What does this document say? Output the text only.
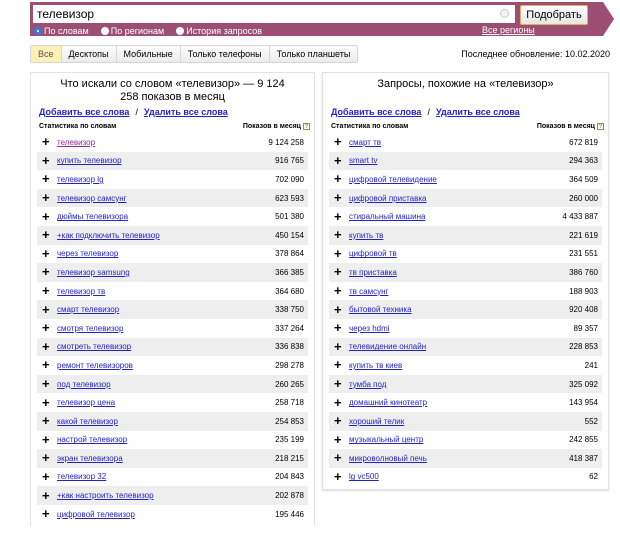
телевизор
Подобрать
По словам По регионам История запросов	Все регионы
Все	Десктопы	Мобильные	Только телефоны	Только планшеты	Последнее обновление: 10.02.2020
Что искали со словом «телевизор» — 9 124 258 показов в месяц
Добавить все слова / Удалить все слова
Статистика по словам	Показов в месяц ?
+ телевизор	9 124 258
+ купить телевизор	916 765
+ телевизор lg	702 090
+ телевизор самсунг	623 593
+ дюймы телевизора	501 380
+ +как подключить телевизор	450 154
+ через телевизор	378 864
+ телевизор samsung	366 385
+ телевизор тв	364 680
+ смарт телевизор	338 750
+ смотря телевизор	337 264
+ смотреть телевизор	336 838
+ ремонт телевизоров	298 278
+ под телевизор	260 265
+ телевизор цена	258 718
+ какой телевизор	254 853
+ настрой телевизор	235 199
+ экран телевизора	218 215
+ телевизор 32	204 843
+ +как настроить телевизор	202 878
+ цифровой телевизор	195 446
Запросы, похожие на «телевизор»
Добавить все слова / Удалить все слова
Статистика по словам	Показов в месяц ?
+ смарт тв	672 819
+ smart tv	294 363
+ цифровой телевидение	364 509
+ цифровой приставка	260 000
+ стиральный машина	4 433 887
+ купить тв	221 619
+ цифровой тв	231 551
+ тв приставка	386 760
+ тв самсунг	188 903
+ бытовой техника	920 408
+ через hdmi	89 357
+ телевидение онлайн	228 853
+ купить тв киев	241
+ тумба под	325 092
+ домашний кинотеатр	143 954
+ хороший телик	552
+ музыкальный центр	242 855
+ микроволновый печь	418 387
+ lg vc500	62
